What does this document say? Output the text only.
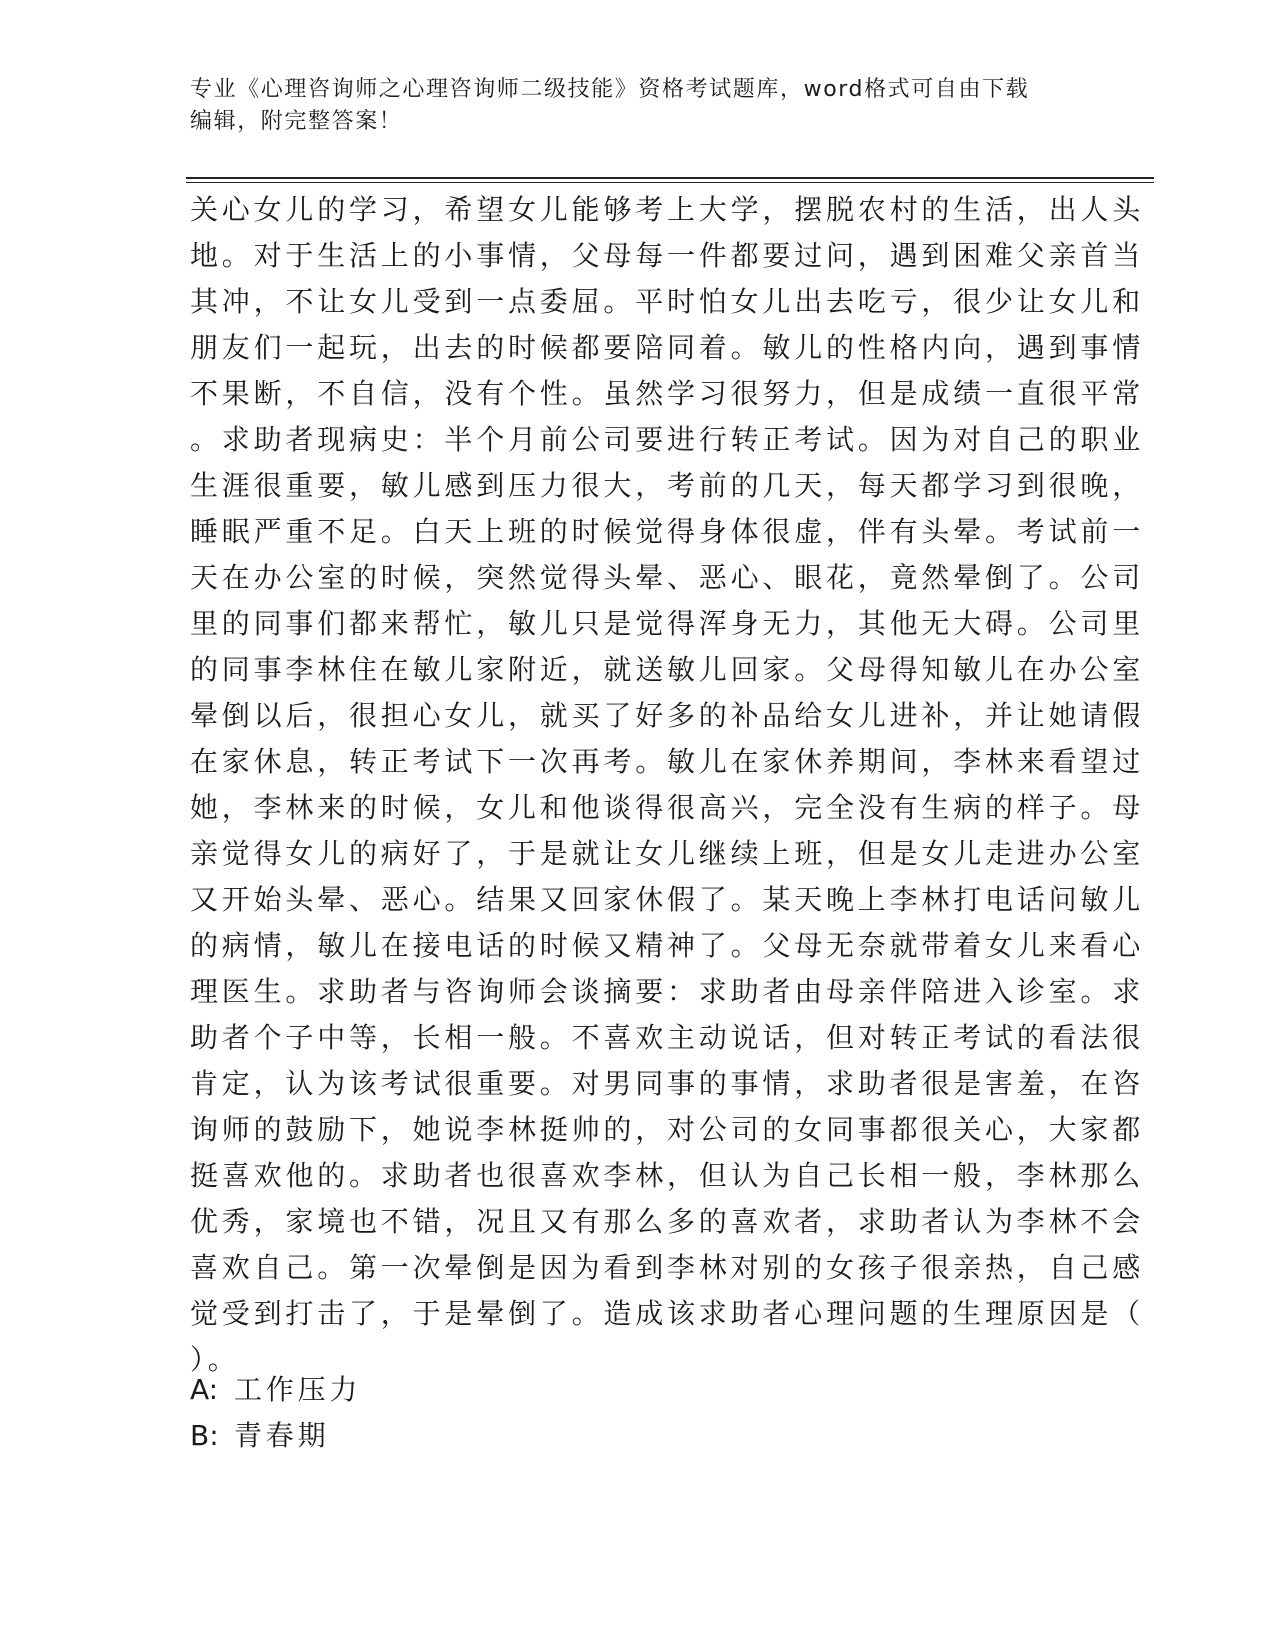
专业《心理咨询师之心理咨询师二级技能》资格考试题库，word格式可自由下载
编辑，附完整答案！
关心女儿的学习，希望女儿能够考上大学，摆脱农村的生活，出人头
地。对于生活上的小事情，父母每一件都要过问，遇到困难父亲首当
其冲，不让女儿受到一点委屈。平时怕女儿出去吃亏，很少让女儿和
朋友们一起玩，出去的时候都要陪同着。敏儿的性格内向，遇到事情
不果断，不自信，没有个性。虽然学习很努力，但是成绩一直很平常
。求助者现病史：半个月前公司要进行转正考试。因为对自己的职业
生涯很重要，敏儿感到压力很大，考前的几天，每天都学习到很晚，
睡眠严重不足。白天上班的时候觉得身体很虚，伴有头晕。考试前一
天在办公室的时候，突然觉得头晕、恶心、眼花，竟然晕倒了。公司
里的同事们都来帮忙，敏儿只是觉得浑身无力，其他无大碍。公司里
的同事李林住在敏儿家附近，就送敏儿回家。父母得知敏儿在办公室
晕倒以后，很担心女儿，就买了好多的补品给女儿进补，并让她请假
在家休息，转正考试下一次再考。敏儿在家休养期间，李林来看望过
她，李林来的时候，女儿和他谈得很高兴，完全没有生病的样子。母
亲觉得女儿的病好了，于是就让女儿继续上班，但是女儿走进办公室
又开始头晕、恶心。结果又回家休假了。某天晚上李林打电话问敏儿
的病情，敏儿在接电话的时候又精神了。父母无奈就带着女儿来看心
理医生。求助者与咨询师会谈摘要：求助者由母亲伴陪进入诊室。求
助者个子中等，长相一般。不喜欢主动说话，但对转正考试的看法很
肯定，认为该考试很重要。对男同事的事情，求助者很是害羞，在咨
询师的鼓励下，她说李林挺帅的，对公司的女同事都很关心，大家都
挺喜欢他的。求助者也很喜欢李林，但认为自己长相一般，李林那么
优秀，家境也不错，况且又有那么多的喜欢者，求助者认为李林不会
喜欢自己。第一次晕倒是因为看到李林对别的女孩子很亲热，自己感
觉受到打击了，于是晕倒了。造成该求助者心理问题的生理原因是（
）。
A: 工作压力
B: 青春期
